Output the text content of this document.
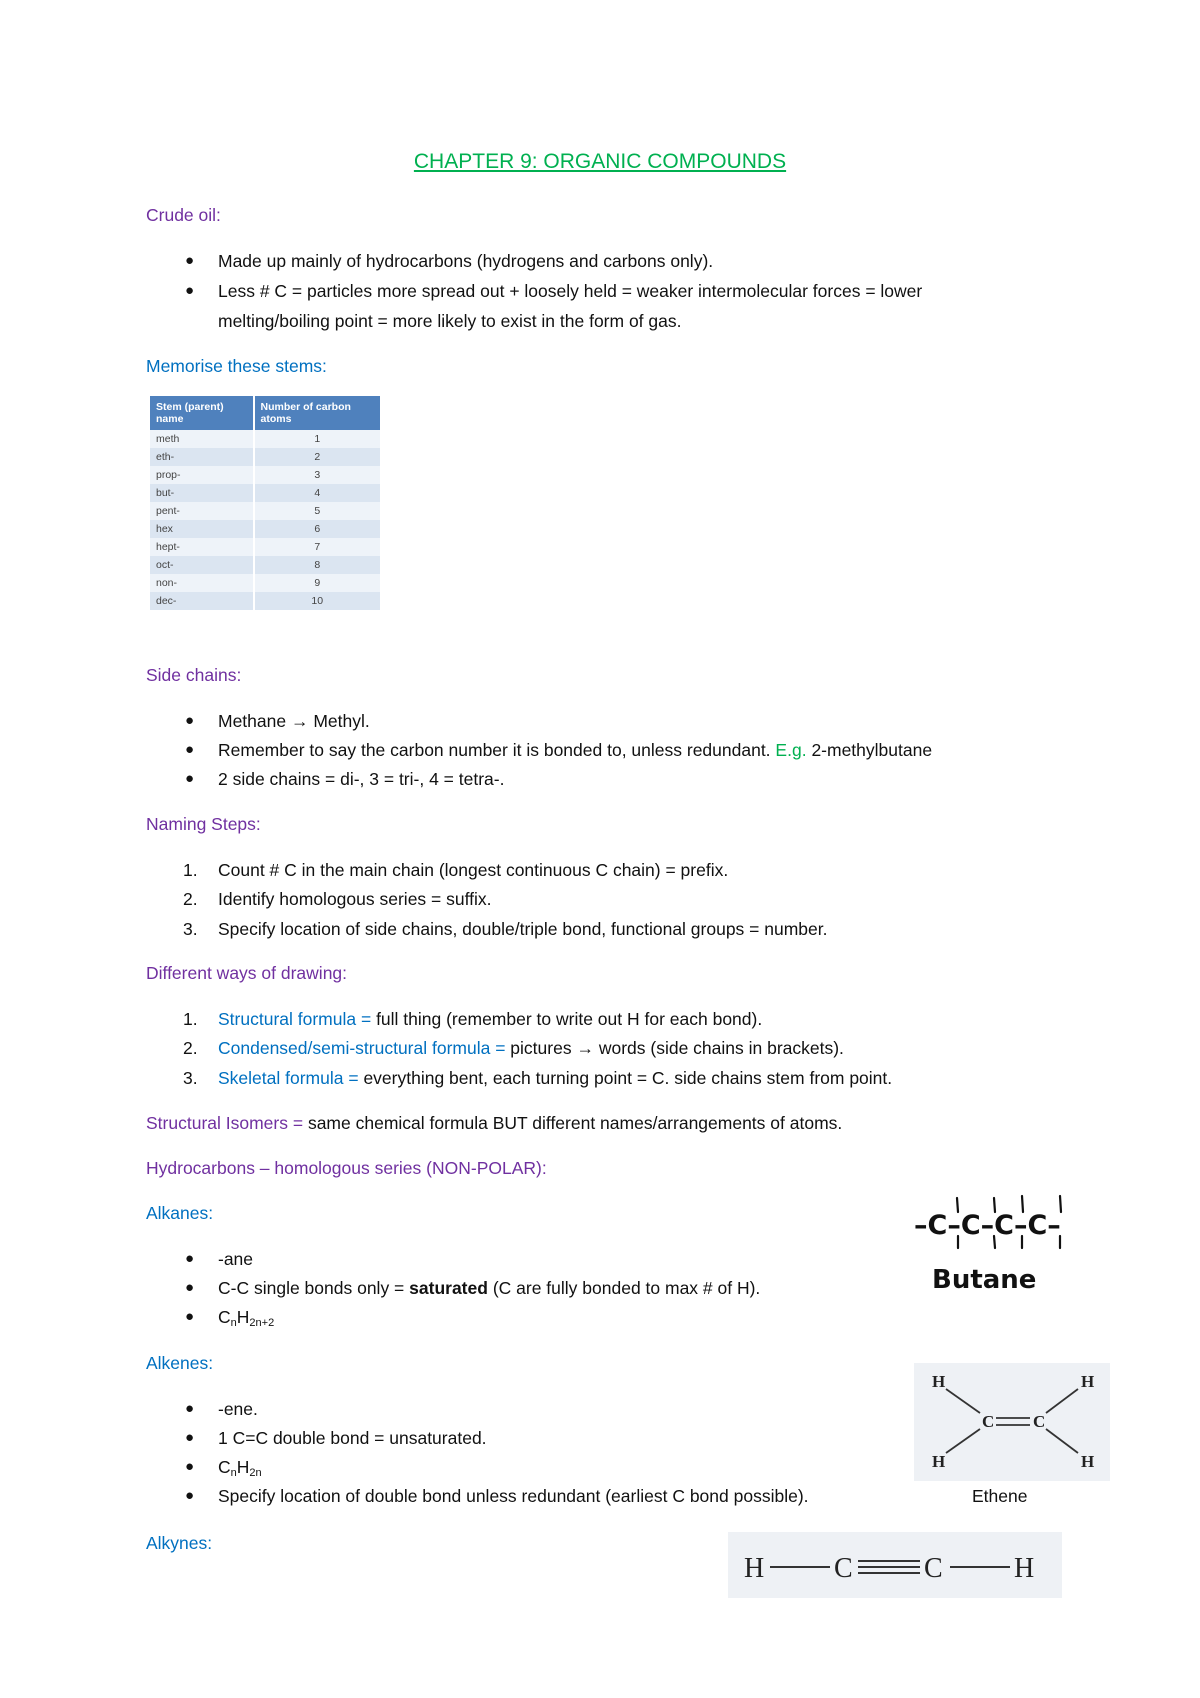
CHAPTER 9: ORGANIC COMPOUNDS
Crude oil:
● Made up mainly of hydrocarbons (hydrogens and carbons only).
● Less # C = particles more spread out + loosely held = weaker intermolecular forces = lower
melting/boiling point = more likely to exist in the form of gas.
Memorise these stems:
Stem (parent) name	Number of carbon atoms
meth	1
eth-	2
prop-	3
but-	4
pent-	5
hex	6
hept-	7
oct-	8
non-	9
dec-	10
Side chains:
● Methane → Methyl.
● Remember to say the carbon number it is bonded to, unless redundant. E.g. 2-methylbutane
● 2 side chains = di-, 3 = tri-, 4 = tetra-.
Naming Steps:
1. Count # C in the main chain (longest continuous C chain) = prefix.
2. Identify homologous series = suffix.
3. Specify location of side chains, double/triple bond, functional groups = number.
Different ways of drawing:
1. Structural formula = full thing (remember to write out H for each bond).
2. Condensed/semi-structural formula = pictures → words (side chains in brackets).
3. Skeletal formula = everything bent, each turning point = C. side chains stem from point.
Structural Isomers = same chemical formula BUT different names/arrangements of atoms.
Hydrocarbons – homologous series (NON-POLAR):
Alkanes:
● -ane
● C-C single bonds only = saturated (C are fully bonded to max # of H).
● $C_nH_{2n+2}$
–C–C–C–C–
Butane
Alkenes:
● -ene.
● 1 C=C double bond = unsaturated.
● $C_nH_{2n}$
● Specify location of double bond unless redundant (earliest C bond possible).	Ethene
H	H
H	H
C C
Alkynes:
H C	C	H
